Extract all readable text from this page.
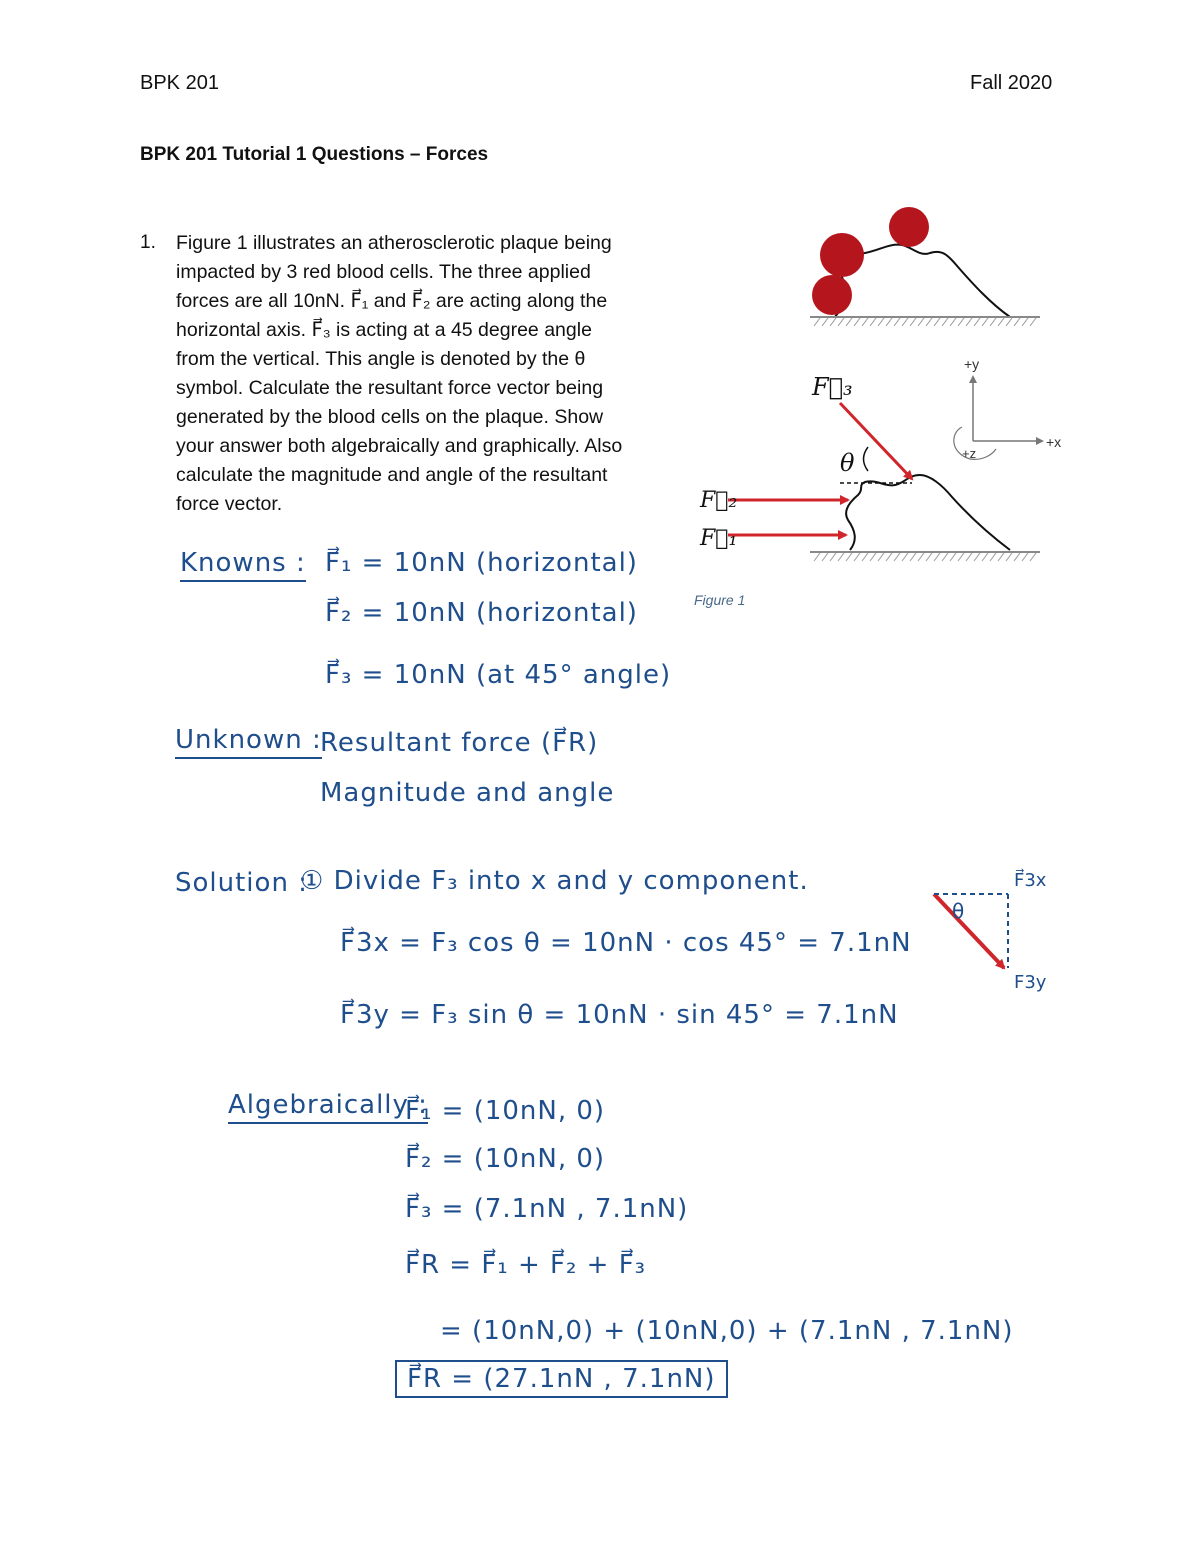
BPK 201	Fall 2020
BPK 201 Tutorial 1 Questions – Forces
1. Figure 1 illustrates an atherosclerotic plaque being
impacted by 3 red blood cells. The three applied
forces are all 10nN. F⃗₁ and F⃗₂ are acting along the
horizontal axis. F⃗₃ is acting at a 45 degree angle
from the vertical. This angle is denoted by the θ
symbol. Calculate the resultant force vector being
generated by the blood cells on the plaque. Show
your answer both algebraically and graphically. Also
calculate the magnitude and angle of the resultant
force vector.
F⃗₃
θ
F⃗₂
F⃗₁
+y
+x
+z
Figure 1
Knowns : F⃗₁ = 10nN (horizontal)
F⃗₂ = 10nN (horizontal)
F⃗₃ = 10nN (at 45° angle)
Unknown :
Resultant force (F⃗R)
Magnitude and angle
Solution :
① Divide F₃ into x and y component.
F⃗3x = F₃ cos θ = 10nN · cos 45° = 7.1nN
F⃗3y = F₃ sin θ = 10nN · sin 45° = 7.1nN
θ
F⃗3x
F3y
Algebraically :
F⃗₁ = (10nN, 0)
F⃗₂ = (10nN, 0)
F⃗₃ = (7.1nN , 7.1nN)
F⃗R = F⃗₁ + F⃗₂ + F⃗₃
= (10nN,0) + (10nN,0) + (7.1nN , 7.1nN)
F⃗R = (27.1nN , 7.1nN)
